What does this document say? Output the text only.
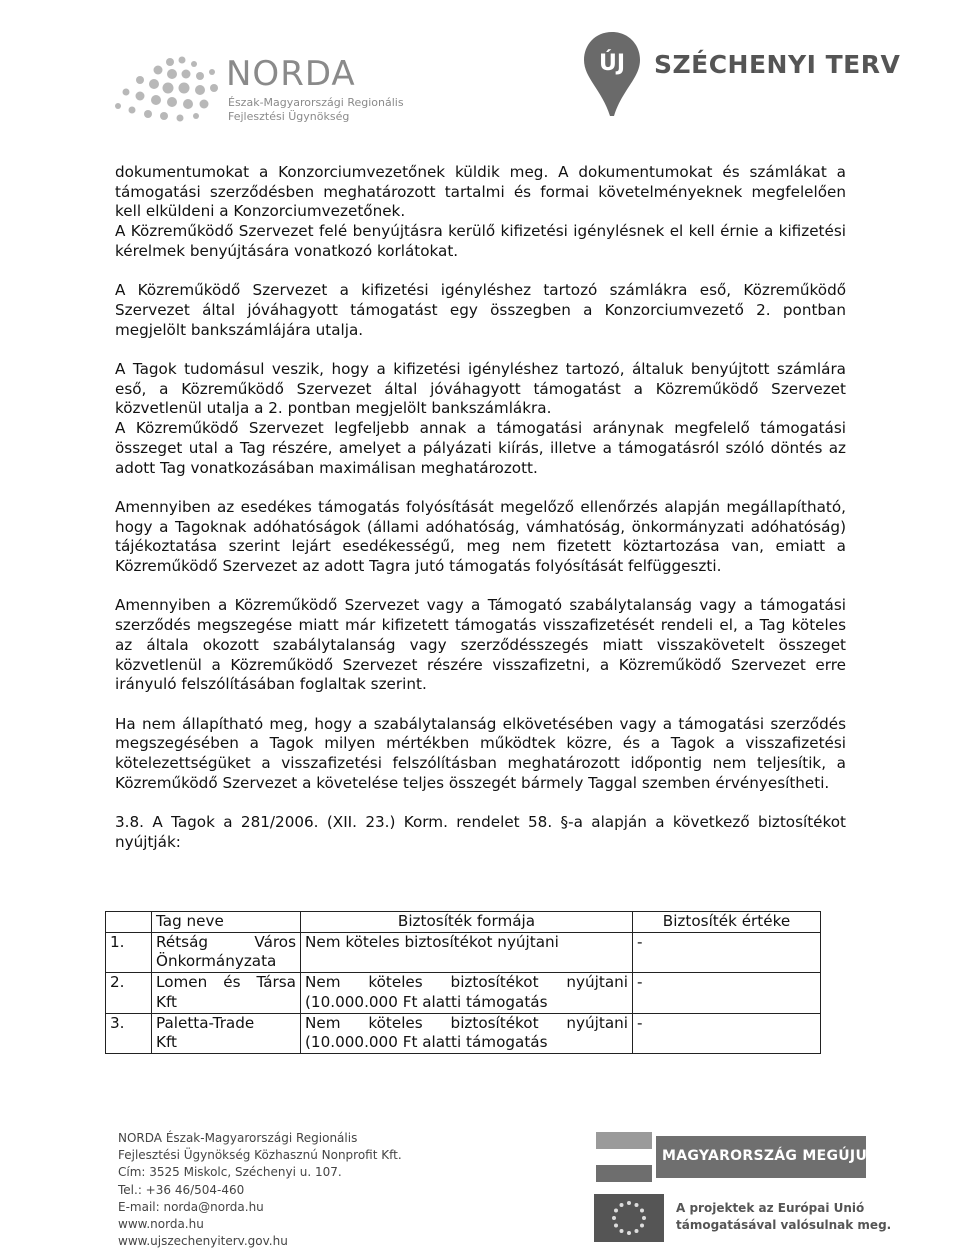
NORDA
Észak-Magyarországi Regionális
Fejlesztési Ügynökség
ÚJ	SZÉCHENYI TERV

dokumentumokat a Konzorciumvezetőnek küldik meg. A dokumentumokat és számlákat a támogatási szerződésben meghatározott tartalmi és formai követelményeknek megfelelően kell elküldeni a Konzorciumvezetőnek.

A Közreműködő Szervezet felé benyújtásra kerülő kifizetési igénylésnek el kell érnie a kifizetési kérelmek benyújtására vonatkozó korlátokat.

A Közreműködő Szervezet a kifizetési igényléshez tartozó számlákra eső, Közreműködő Szervezet által jóváhagyott támogatást egy összegben a Konzorciumvezető 2. pontban megjelölt bankszámlájára utalja.

A Tagok tudomásul veszik, hogy a kifizetési igényléshez tartozó, általuk benyújtott számlára eső, a Közreműködő Szervezet által jóváhagyott támogatást a Közreműködő Szervezet közvetlenül utalja a 2. pontban megjelölt bankszámlákra.

A Közreműködő Szervezet legfeljebb annak a támogatási aránynak megfelelő támogatási összeget utal a Tag részére, amelyet a pályázati kiírás, illetve a támogatásról szóló döntés az adott Tag vonatkozásában maximálisan meghatározott.

Amennyiben az esedékes támogatás folyósítását megelőző ellenőrzés alapján megállapítható, hogy a Tagoknak adóhatóságok (állami adóhatóság, vámhatóság, önkormányzati adóhatóság) tájékoztatása szerint lejárt esedékességű, meg nem fizetett köztartozása van, emiatt a Közreműködő Szervezet az adott Tagra jutó támogatás folyósítását felfüggeszti.

Amennyiben a Közreműködő Szervezet vagy a Támogató szabálytalanság vagy a támogatási szerződés megszegése miatt már kifizetett támogatás visszafizetését rendeli el, a Tag köteles az általa okozott szabálytalanság vagy szerződésszegés miatt visszakövetelt összeget közvetlenül a Közreműködő Szervezet részére visszafizetni, a Közreműködő Szervezet erre irányuló felszólításában foglaltak szerint.

Ha nem állapítható meg, hogy a szabálytalanság elkövetésében vagy a támogatási szerződés megszegésében a Tagok milyen mértékben működtek közre, és a Tagok a visszafizetési kötelezettségüket a visszafizetési felszólításban meghatározott időpontig nem teljesítik, a Közreműködő Szervezet a követelése teljes összegét bármely Taggal szemben érvényesítheti.

3.8. A Tagok a 281/2006. (XII. 23.) Korm. rendelet 58. §-a alapján a következő biztosítékot nyújtják:

	Tag neve	Biztosíték formája	Biztosíték értéke
1.	Rétság Város
Önkormányzata	Nem köteles biztosítékot nyújtani	-
2.	Lomen és Társa
Kft	Nem köteles biztosítékot nyújtani
(10.000.000 Ft alatti támogatás	-
3.	Paletta-Trade
Kft	Nem köteles biztosítékot nyújtani
(10.000.000 Ft alatti támogatás	-
NORDA Észak-Magyarországi Regionális
Fejlesztési Ügynökség Közhasznú Nonprofit Kft.
Cím: 3525 Miskolc, Széchenyi u. 107.
Tel.: +36 46/504-460
E-mail: norda@norda.hu
www.norda.hu
www.ujszechenyiterv.gov.hu
MAGYARORSZÁG MEGÚJUL
A projektek az Európai Unió
támogatásával valósulnak meg.
